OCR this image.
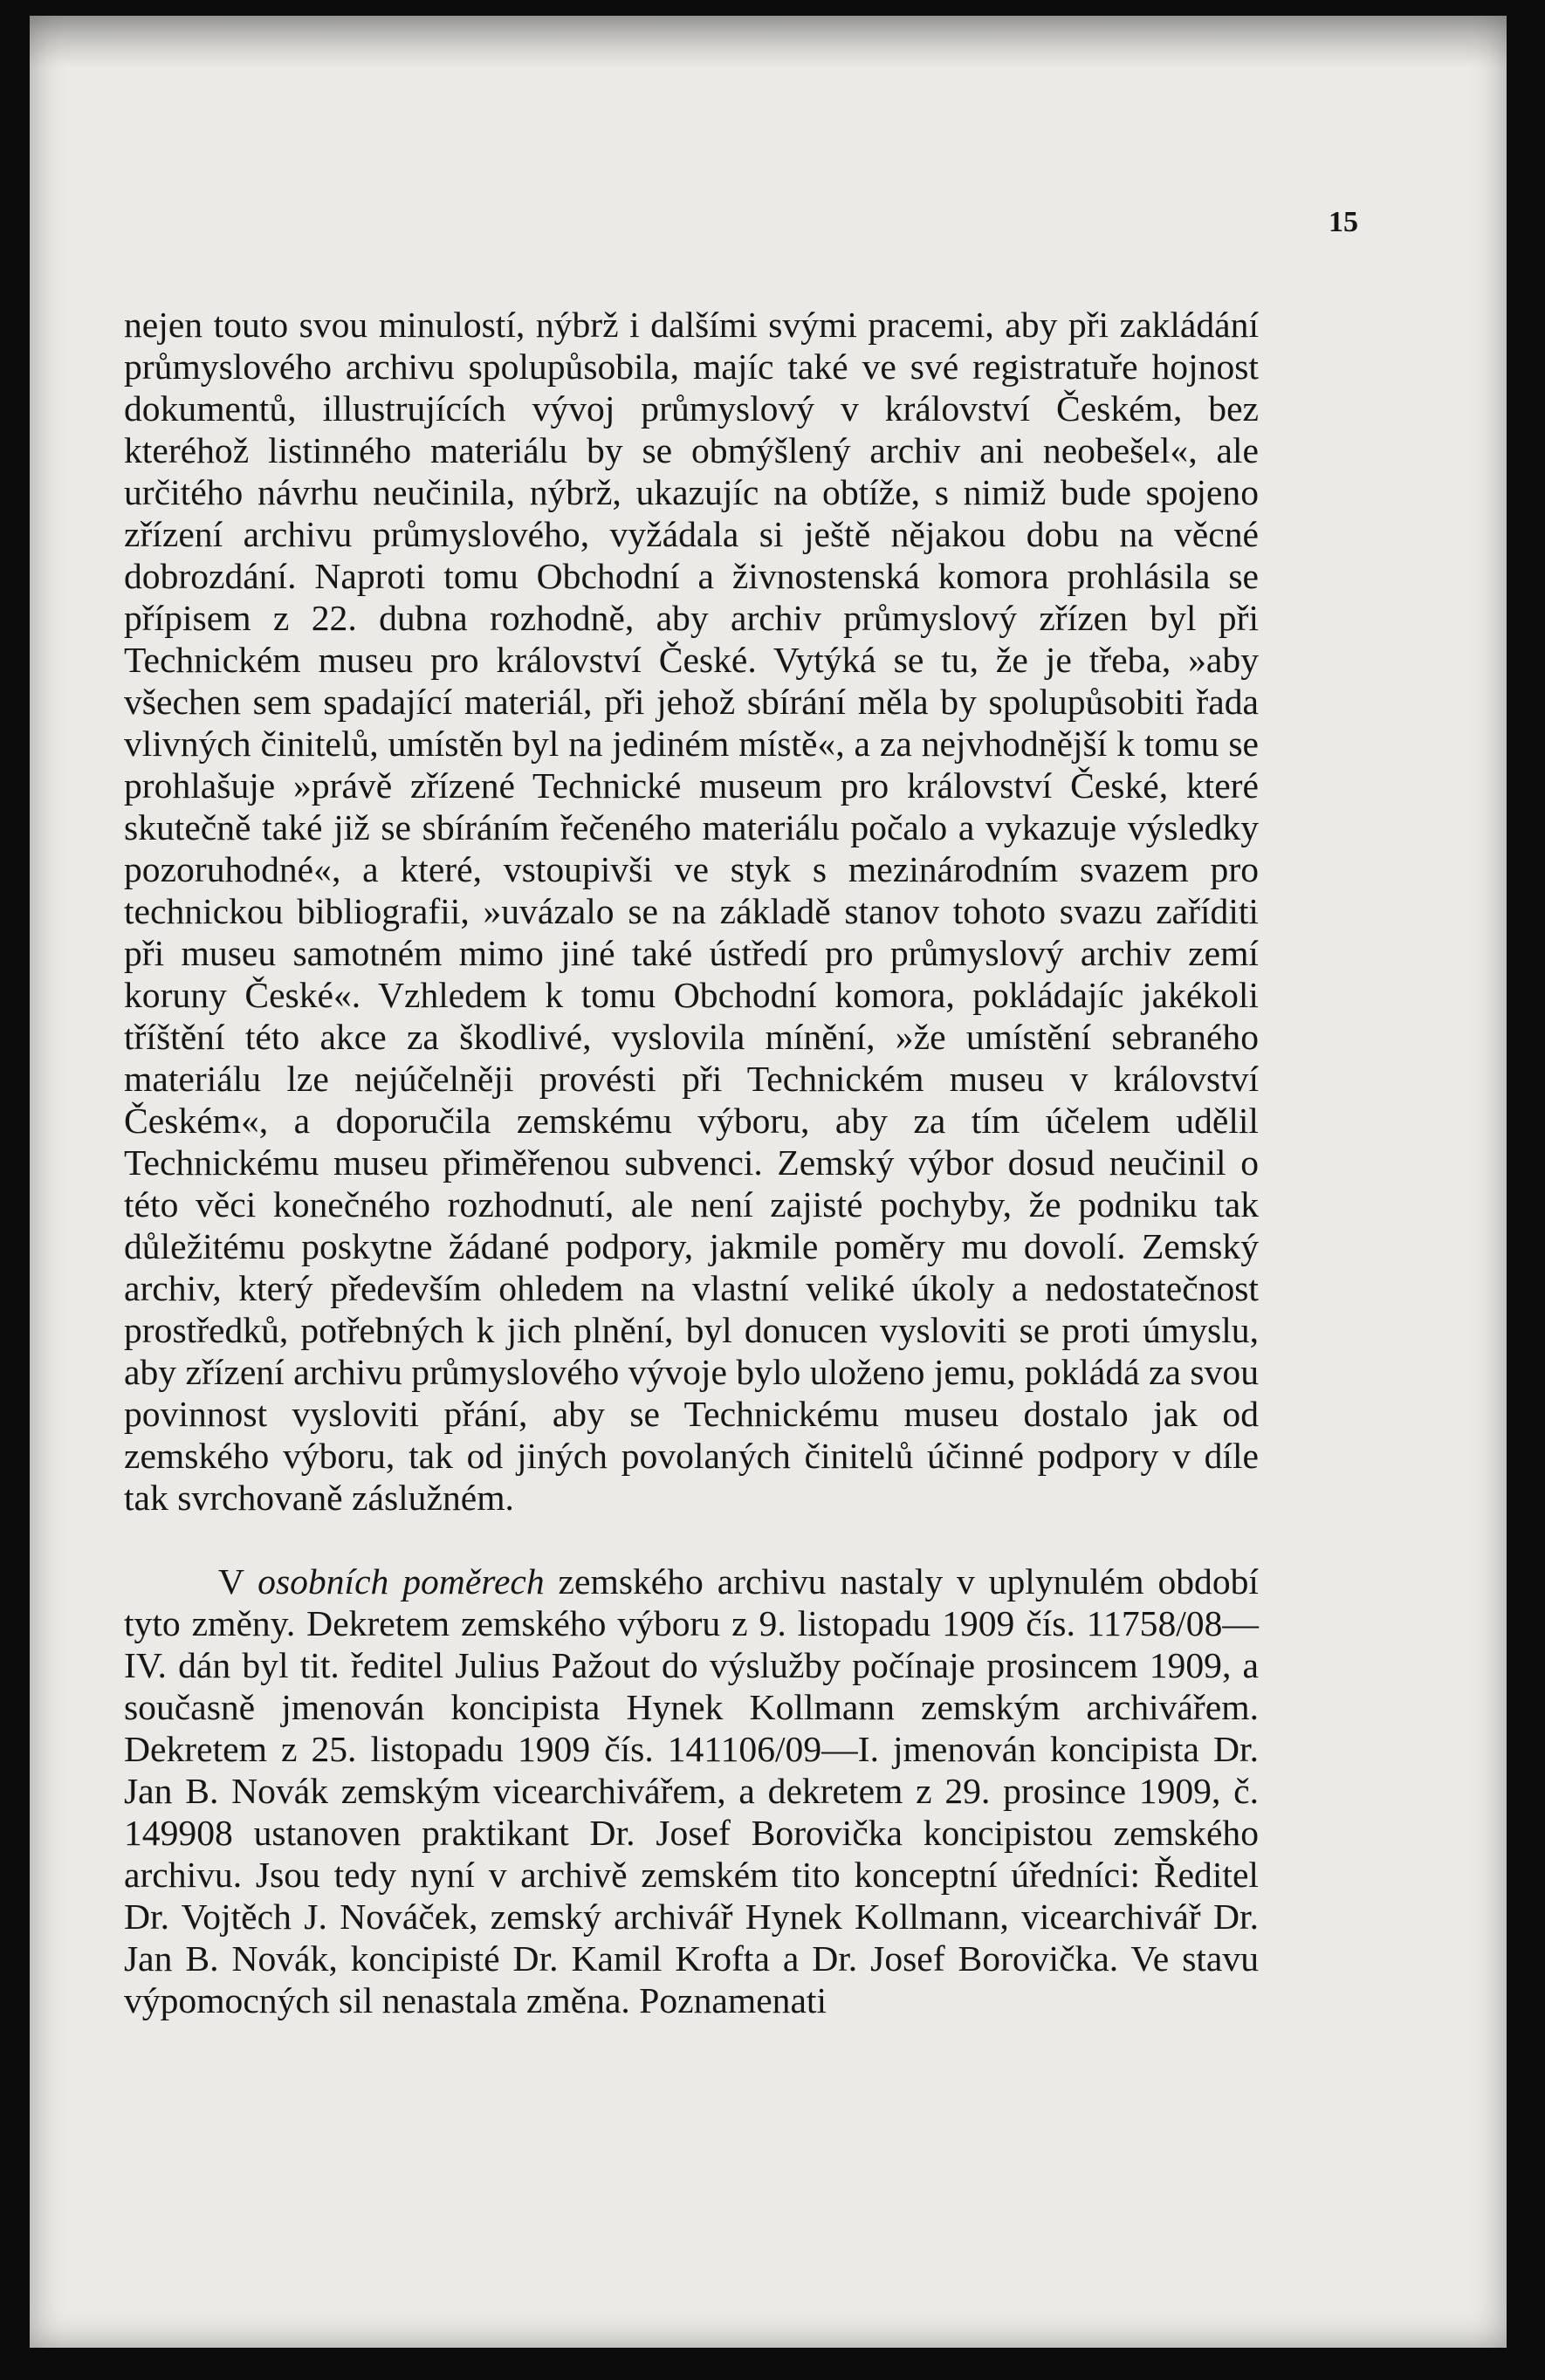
15

nejen touto svou minulostí, nýbrž i dalšími svými pracemi, aby při zakládání průmyslového archivu spolupůsobila, majíc také ve své registratuře hojnost dokumentů, illustrujících vývoj průmyslový v království Českém, bez kteréhož listinného materiálu by se obmýšlený archiv ani neobešel«, ale určitého návrhu neučinila, nýbrž, ukazujíc na obtíže, s nimiž bude spojeno zřízení archivu průmyslového, vyžádala si ještě nějakou dobu na věcné dobrozdání. Naproti tomu Obchodní a živnostenská komora prohlásila se přípisem z 22. dubna rozhodně, aby archiv průmyslový zřízen byl při Technickém museu pro království České. Vytýká se tu, že je třeba, »aby všechen sem spadající materiál, při jehož sbírání měla by spolupůsobiti řada vlivných činitelů, umístěn byl na jediném místě«, a za nejvhodnější k tomu se prohlašuje »právě zřízené Technické museum pro království České, které skutečně také již se sbíráním řečeného materiálu počalo a vykazuje výsledky pozoruhodné«, a které, vstoupivši ve styk s mezinárodním svazem pro technickou bibliografii, »uvázalo se na základě stanov tohoto svazu zaříditi při museu samotném mimo jiné také ústředí pro průmyslový archiv zemí koruny České«. Vzhledem k tomu Obchodní komora, pokládajíc jakékoli tříštění této akce za škodlivé, vyslovila mínění, »že umístění sebraného materiálu lze nejúčelněji provésti při Technickém museu v království Českém«, a doporučila zemskému výboru, aby za tím účelem udělil Technickému museu přiměřenou subvenci. Zemský výbor dosud neučinil o této věci konečného rozhodnutí, ale není zajisté pochyby, že podniku tak důležitému poskytne žádané podpory, jakmile poměry mu dovolí. Zemský archiv, který především ohledem na vlastní veliké úkoly a nedostatečnost prostředků, potřebných k jich plnění, byl donucen vysloviti se proti úmyslu, aby zřízení archivu průmyslového vývoje bylo uloženo jemu, pokládá za svou povinnost vysloviti přání, aby se Technickému museu dostalo jak od zemského výboru, tak od jiných povolaných činitelů účinné podpory v díle tak svrchovaně záslužném.

V osobních poměrech zemského archivu nastaly v uplynulém období tyto změny. Dekretem zemského výboru z 9. listopadu 1909 čís. 11758/08—IV. dán byl tit. ředitel Julius Pažout do výslužby počínaje prosincem 1909, a současně jmenován koncipista Hynek Kollmann zemským archivářem. Dekretem z 25. listopadu 1909 čís. 141106/09—I. jmenován koncipista Dr. Jan B. Novák zemským vicearchivářem, a dekretem z 29. prosince 1909, č. 149908 ustanoven praktikant Dr. Josef Borovička koncipistou zemského archivu. Jsou tedy nyní v archivě zemském tito konceptní úředníci: Ředitel Dr. Vojtěch J. Nováček, zemský archivář Hynek Kollmann, vicearchivář Dr. Jan B. Novák, koncipisté Dr. Kamil Krofta a Dr. Josef Borovička. Ve stavu výpomocných sil nenastala změna. Poznamenati
